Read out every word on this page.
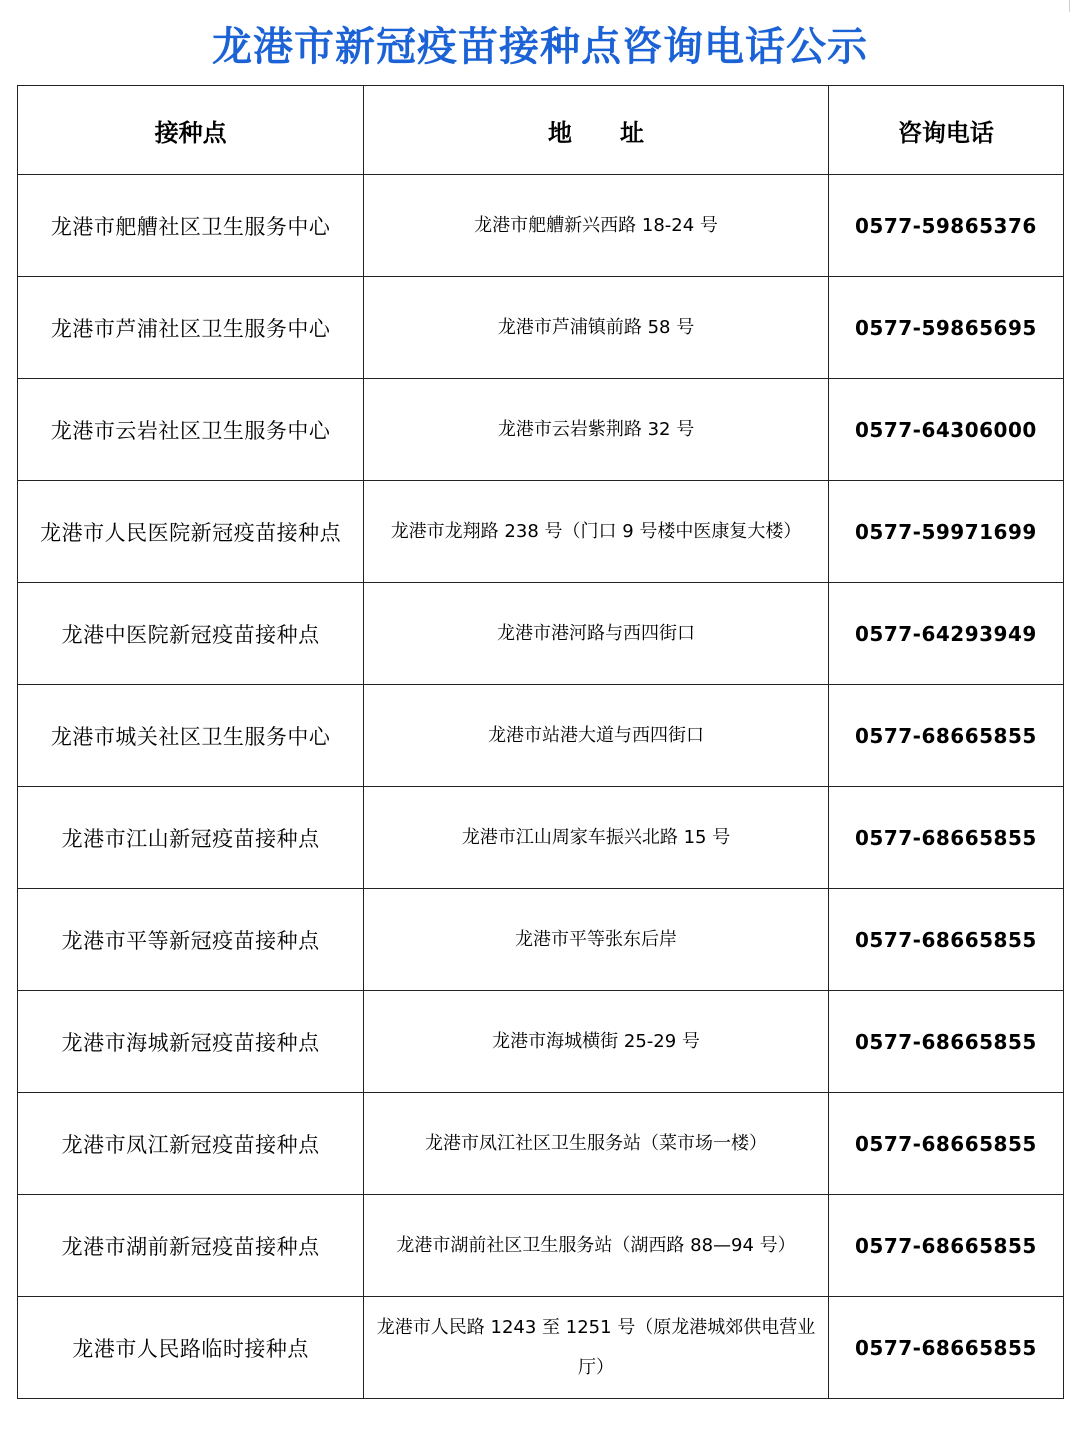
龙港市新冠疫苗接种点咨询电话公示
接种点	地　　址	咨询电话
龙港市舥艚社区卫生服务中心	龙港市舥艚新兴西路 18-24 号	0577-59865376
龙港市芦浦社区卫生服务中心	龙港市芦浦镇前路 58 号	0577-59865695
龙港市云岩社区卫生服务中心	龙港市云岩紫荆路 32 号	0577-64306000
龙港市人民医院新冠疫苗接种点	龙港市龙翔路 238 号（门口 9 号楼中医康复大楼）	0577-59971699
龙港中医院新冠疫苗接种点	龙港市港河路与西四街口	0577-64293949
龙港市城关社区卫生服务中心	龙港市站港大道与西四街口	0577-68665855
龙港市江山新冠疫苗接种点	龙港市江山周家车振兴北路 15 号	0577-68665855
龙港市平等新冠疫苗接种点	龙港市平等张东后岸	0577-68665855
龙港市海城新冠疫苗接种点	龙港市海城横街 25-29 号	0577-68665855
龙港市凤江新冠疫苗接种点	龙港市凤江社区卫生服务站（菜市场一楼）	0577-68665855
龙港市湖前新冠疫苗接种点	龙港市湖前社区卫生服务站（湖西路 88—94 号）	0577-68665855
龙港市人民路临时接种点	龙港市人民路 1243 至 1251 号（原龙港城郊供电营业厅）	0577-68665855
